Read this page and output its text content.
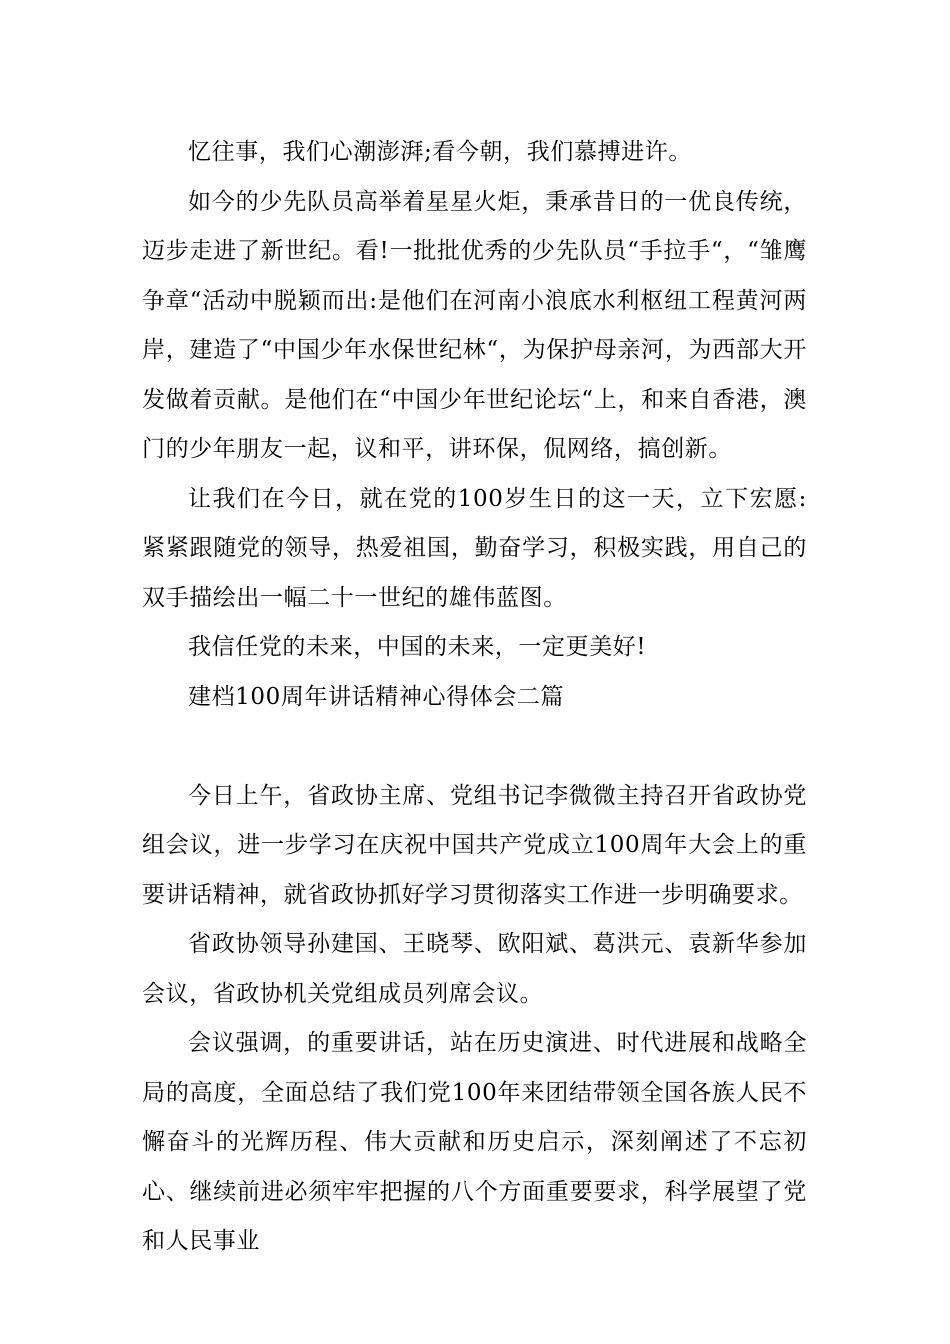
忆往事，我们心潮澎湃;看今朝，我们慕搏进许。

如今的少先队员高举着星星火炬，秉承昔日的一优良传统，迈步走进了新世纪。看!一批批优秀的少先队员“手拉手“，“雏鹰争章“活动中脱颖而出:是他们在河南小浪底水利枢纽工程黄河两岸，建造了“中国少年水保世纪林“，为保护母亲河，为西部大开发做着贡献。是他们在“中国少年世纪论坛“上，和来自香港，澳门的少年朋友一起，议和平，讲环保，侃网络，搞创新。

让我们在今日，就在党的100岁生日的这一天，立下宏愿:紧紧跟随党的领导，热爱祖国，勤奋学习，积极实践，用自己的双手描绘出一幅二十一世纪的雄伟蓝图。

我信任党的未来，中国的未来，一定更美好!

建档100周年讲话精神心得体会二篇

今日上午，省政协主席、党组书记李微微主持召开省政协党组会议，进一步学习在庆祝中国共产党成立100周年大会上的重要讲话精神，就省政协抓好学习贯彻落实工作进一步明确要求。

省政协领导孙建国、王晓琴、欧阳斌、葛洪元、袁新华参加会议，省政协机关党组成员列席会议。

会议强调，的重要讲话，站在历史演进、时代进展和战略全局的高度，全面总结了我们党100年来团结带领全国各族人民不懈奋斗的光辉历程、伟大贡献和历史启示，深刻阐述了不忘初心、继续前进必须牢牢把握的八个方面重要要求，科学展望了党和人民事业
